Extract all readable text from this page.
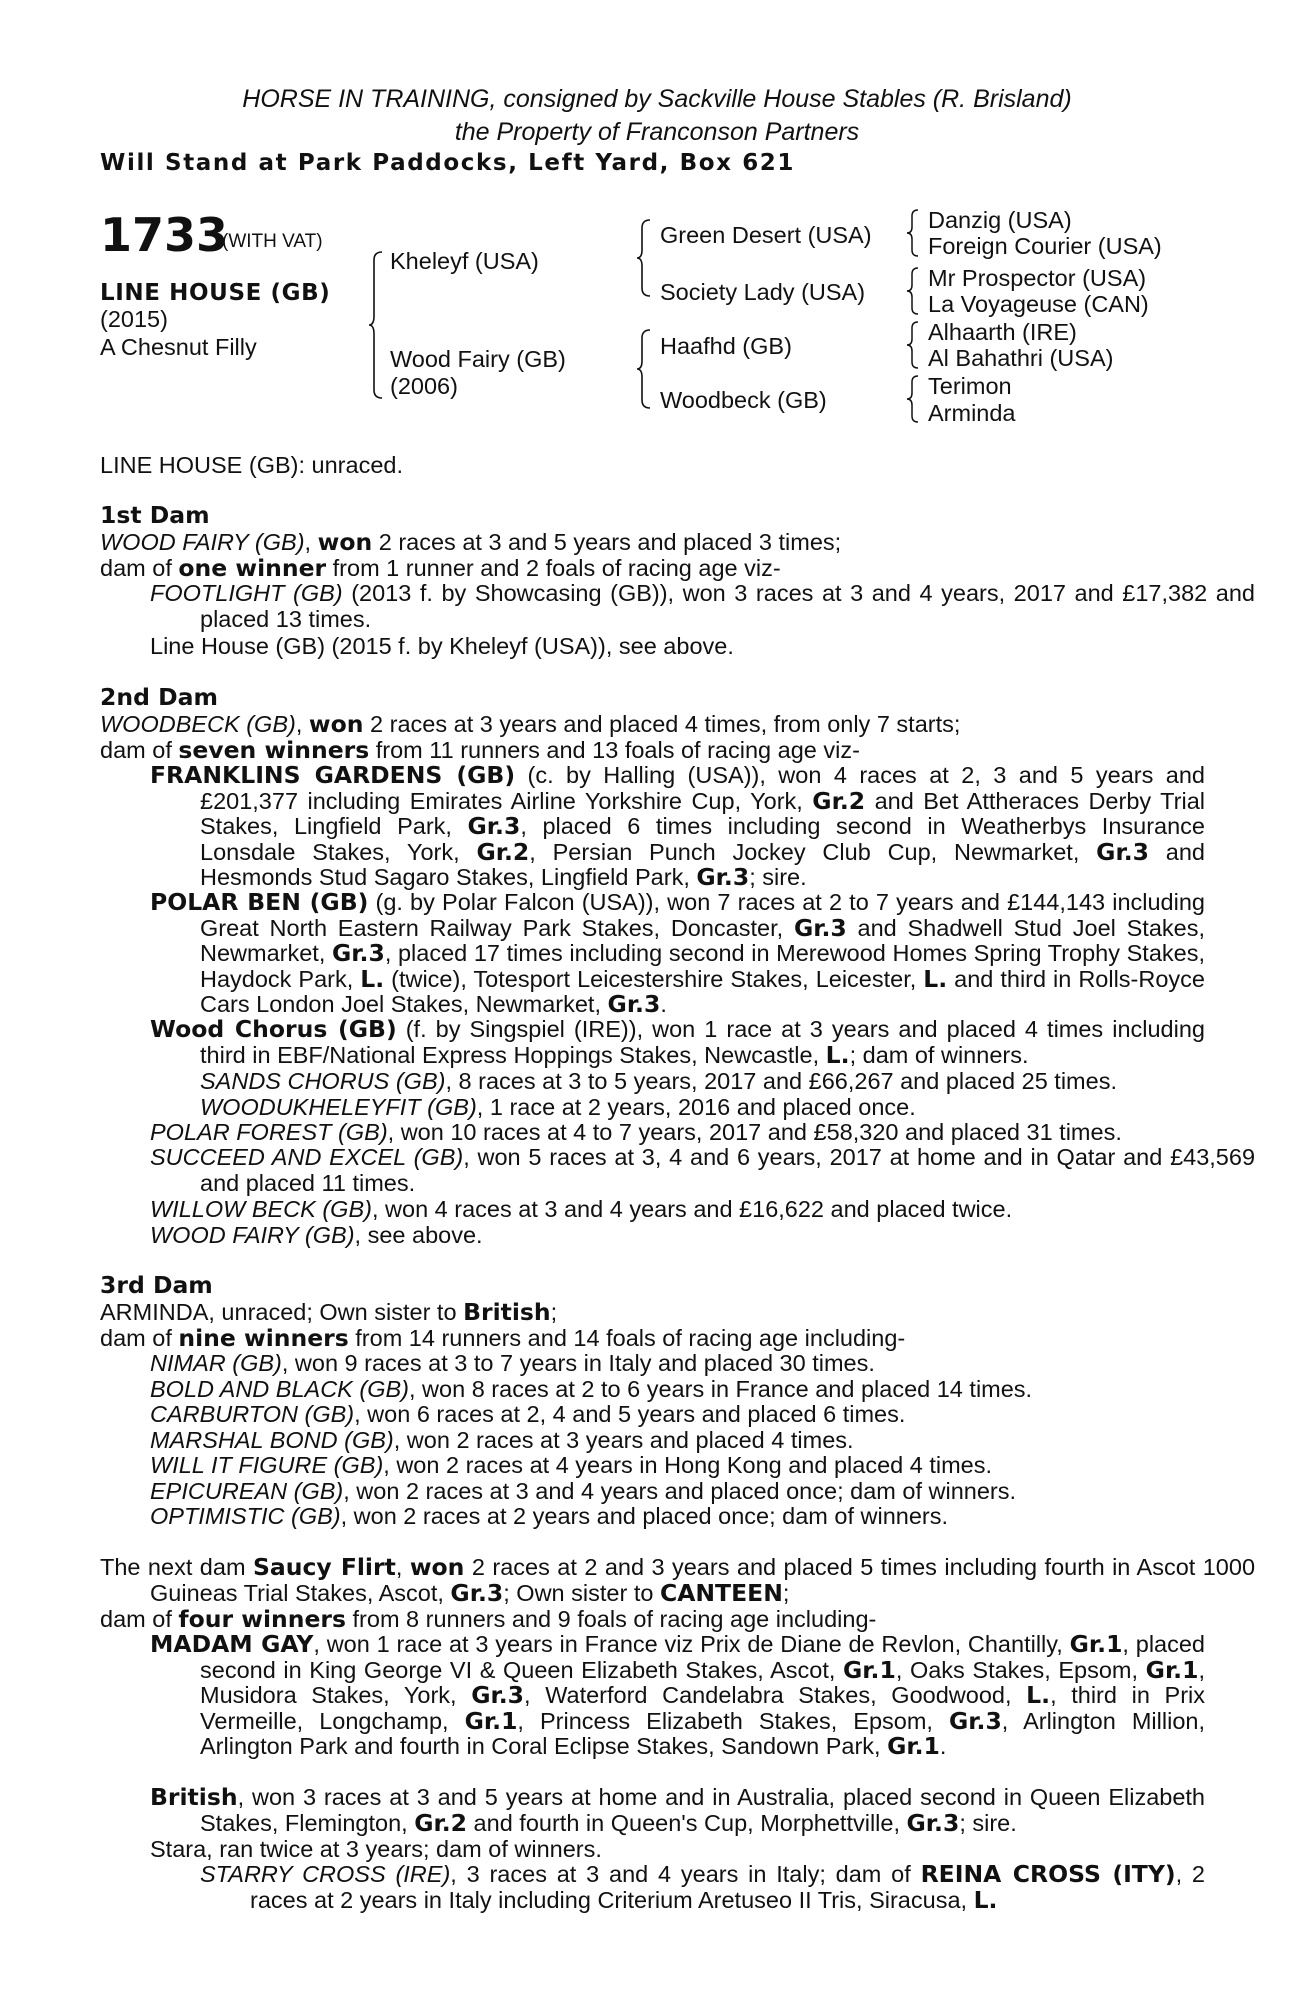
HORSE IN TRAINING, consigned by Sackville House Stables (R. Brisland)
the Property of Franconson Partners
Will Stand at Park Paddocks, Left Yard, Box 621
1733
(WITH VAT)
LINE HOUSE (GB)
(2015)
A Chesnut Filly
Kheleyf (USA)
Wood Fairy (GB)
(2006)
Green Desert (USA)
Society Lady (USA)
Haafhd (GB)
Woodbeck (GB)
Danzig (USA)
Foreign Courier (USA)
Mr Prospector (USA)
La Voyageuse (CAN)
Alhaarth (IRE)
Al Bahathri (USA)
Terimon
Arminda
LINE HOUSE (GB): unraced.
1st Dam
WOOD FAIRY (GB), won 2 races at 3 and 5 years and placed 3 times;
dam of one winner from 1 runner and 2 foals of racing age viz-
FOOTLIGHT (GB) (2013 f. by Showcasing (GB)), won 3 races at 3 and 4 years, 2017 and £17,382 and placed 13 times.
Line House (GB) (2015 f. by Kheleyf (USA)), see above.
2nd Dam
WOODBECK (GB), won 2 races at 3 years and placed 4 times, from only 7 starts;
dam of seven winners from 11 runners and 13 foals of racing age viz-
FRANKLINS GARDENS (GB) (c. by Halling (USA)), won 4 races at 2, 3 and 5 years and £201,377 including Emirates Airline Yorkshire Cup, York, Gr.2 and Bet Attheraces Derby Trial Stakes, Lingfield Park, Gr.3, placed 6 times including second in Weatherbys Insurance Lonsdale Stakes, York, Gr.2, Persian Punch Jockey Club Cup, Newmarket, Gr.3 and Hesmonds Stud Sagaro Stakes, Lingfield Park, Gr.3; sire.
POLAR BEN (GB) (g. by Polar Falcon (USA)), won 7 races at 2 to 7 years and £144,143 including Great North Eastern Railway Park Stakes, Doncaster, Gr.3 and Shadwell Stud Joel Stakes, Newmarket, Gr.3, placed 17 times including second in Merewood Homes Spring Trophy Stakes, Haydock Park, L. (twice), Totesport Leicestershire Stakes, Leicester, L. and third in Rolls-Royce Cars London Joel Stakes, Newmarket, Gr.3.
Wood Chorus (GB) (f. by Singspiel (IRE)), won 1 race at 3 years and placed 4 times including third in EBF/National Express Hoppings Stakes, Newcastle, L.; dam of winners.
SANDS CHORUS (GB), 8 races at 3 to 5 years, 2017 and £66,267 and placed 25 times.
WOODUKHELEYFIT (GB), 1 race at 2 years, 2016 and placed once.
POLAR FOREST (GB), won 10 races at 4 to 7 years, 2017 and £58,320 and placed 31 times.
SUCCEED AND EXCEL (GB), won 5 races at 3, 4 and 6 years, 2017 at home and in Qatar and £43,569 and placed 11 times.
WILLOW BECK (GB), won 4 races at 3 and 4 years and £16,622 and placed twice.
WOOD FAIRY (GB), see above.
3rd Dam
ARMINDA, unraced; Own sister to British;
dam of nine winners from 14 runners and 14 foals of racing age including-
NIMAR (GB), won 9 races at 3 to 7 years in Italy and placed 30 times.
BOLD AND BLACK (GB), won 8 races at 2 to 6 years in France and placed 14 times.
CARBURTON (GB), won 6 races at 2, 4 and 5 years and placed 6 times.
MARSHAL BOND (GB), won 2 races at 3 years and placed 4 times.
WILL IT FIGURE (GB), won 2 races at 4 years in Hong Kong and placed 4 times.
EPICUREAN (GB), won 2 races at 3 and 4 years and placed once; dam of winners.
OPTIMISTIC (GB), won 2 races at 2 years and placed once; dam of winners.
The next dam Saucy Flirt, won 2 races at 2 and 3 years and placed 5 times including fourth in Ascot 1000 Guineas Trial Stakes, Ascot, Gr.3; Own sister to CANTEEN;
dam of four winners from 8 runners and 9 foals of racing age including-
MADAM GAY, won 1 race at 3 years in France viz Prix de Diane de Revlon, Chantilly, Gr.1, placed second in King George VI & Queen Elizabeth Stakes, Ascot, Gr.1, Oaks Stakes, Epsom, Gr.1, Musidora Stakes, York, Gr.3, Waterford Candelabra Stakes, Goodwood, L., third in Prix Vermeille, Longchamp, Gr.1, Princess Elizabeth Stakes, Epsom, Gr.3, Arlington Million, Arlington Park and fourth in Coral Eclipse Stakes, Sandown Park, Gr.1.
British, won 3 races at 3 and 5 years at home and in Australia, placed second in Queen Elizabeth Stakes, Flemington, Gr.2 and fourth in Queen's Cup, Morphettville, Gr.3; sire.
Stara, ran twice at 3 years; dam of winners.
STARRY CROSS (IRE), 3 races at 3 and 4 years in Italy; dam of REINA CROSS (ITY), 2 races at 2 years in Italy including Criterium Aretuseo II Tris, Siracusa, L.
